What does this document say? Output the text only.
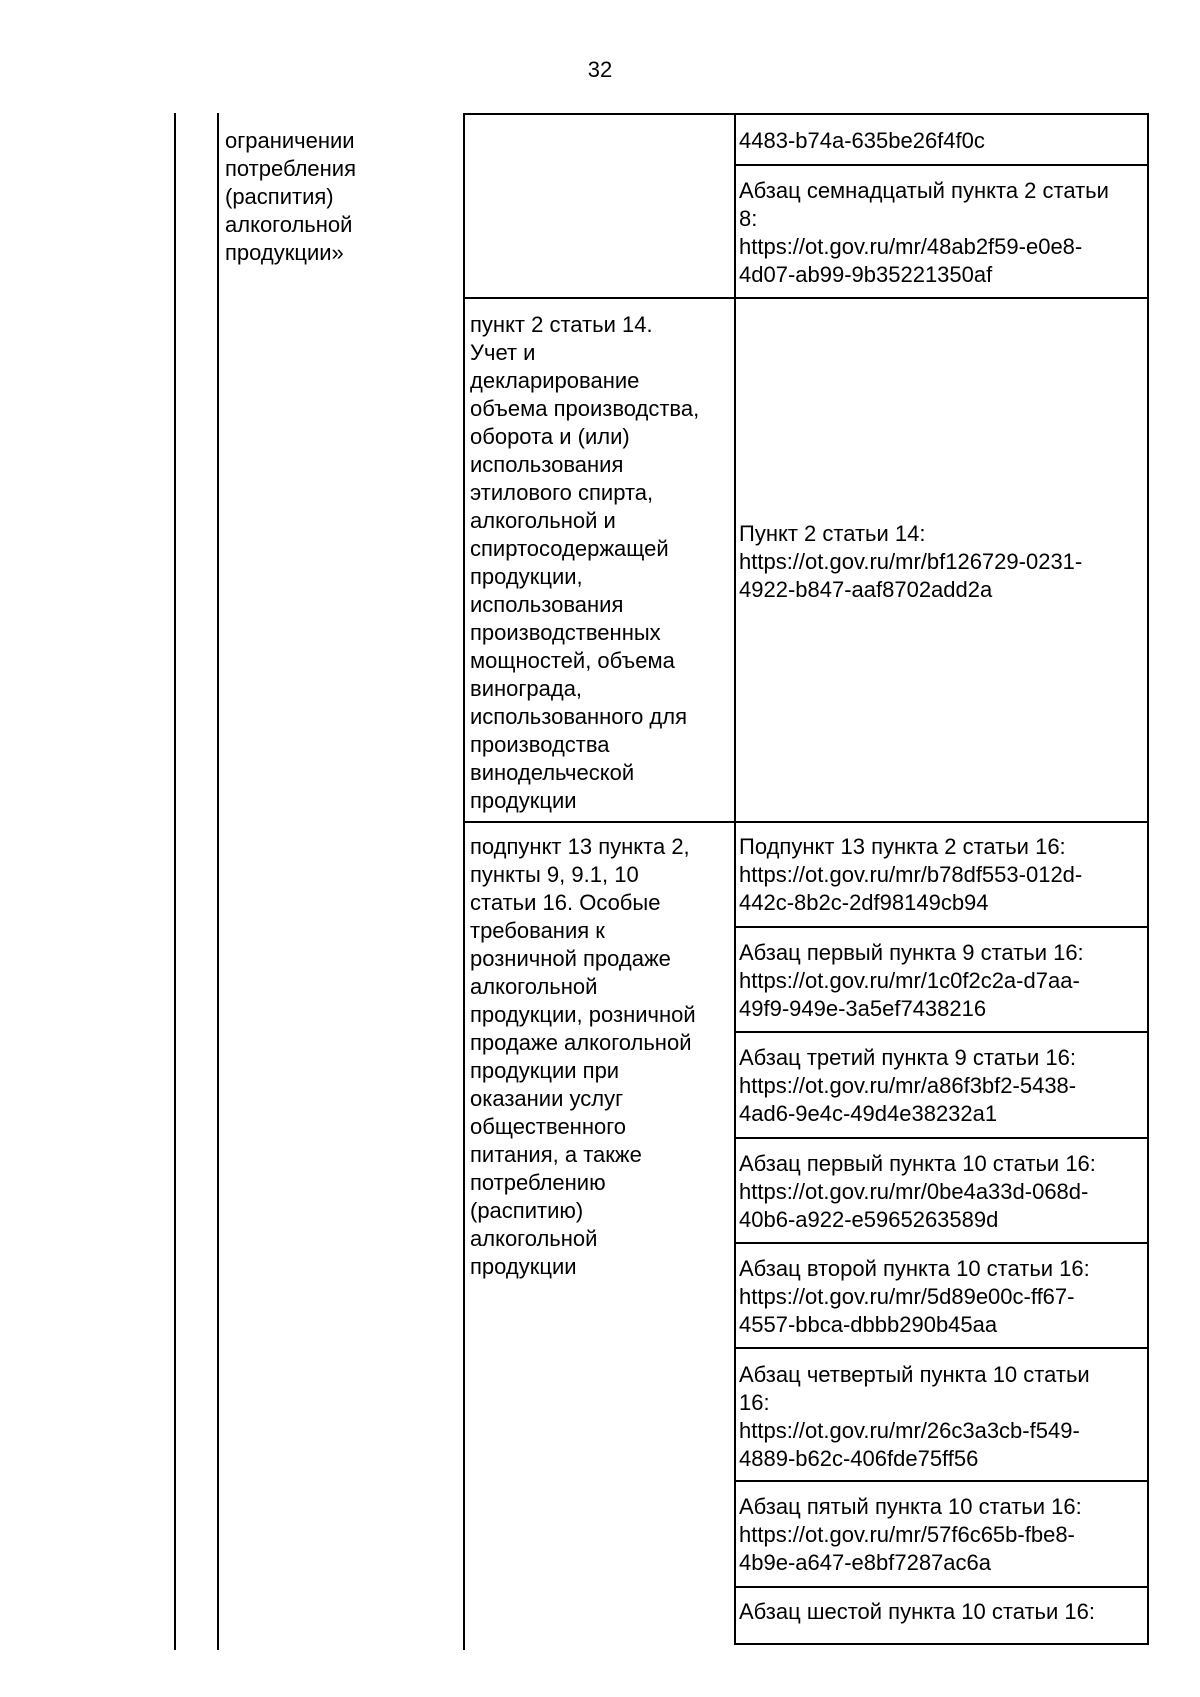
32
ограничении
потребления
(распития)
алкогольной
продукции»
пункт 2 статьи 14.
Учет и
декларирование
объема производства,
оборота и (или)
использования
этилового спирта,
алкогольной и
спиртосодержащей
продукции,
использования
производственных
мощностей, объема
винограда,
использованного для
производства
винодельческой
продукции
подпункт 13 пункта 2,
пункты 9, 9.1, 10
статьи 16. Особые
требования к
розничной продаже
алкогольной
продукции, розничной
продаже алкогольной
продукции при
оказании услуг
общественного
питания, а также
потреблению
(распитию)
алкогольной
продукции
4483-b74a-635be26f4f0c
Абзац семнадцатый пункта 2 статьи
8:
https://ot.gov.ru/mr/48ab2f59-e0e8-
4d07-ab99-9b35221350af
Пункт 2 статьи 14:
https://ot.gov.ru/mr/bf126729-0231-
4922-b847-aaf8702add2a
Подпункт 13 пункта 2 статьи 16:
https://ot.gov.ru/mr/b78df553-012d-
442c-8b2c-2df98149cb94
Абзац первый пункта 9 статьи 16:
https://ot.gov.ru/mr/1c0f2c2a-d7aa-
49f9-949e-3a5ef7438216
Абзац третий пункта 9 статьи 16:
https://ot.gov.ru/mr/a86f3bf2-5438-
4ad6-9e4c-49d4e38232a1
Абзац первый пункта 10 статьи 16:
https://ot.gov.ru/mr/0be4a33d-068d-
40b6-a922-e5965263589d
Абзац второй пункта 10 статьи 16:
https://ot.gov.ru/mr/5d89e00c-ff67-
4557-bbca-dbbb290b45aa
Абзац четвертый пункта 10 статьи
16:
https://ot.gov.ru/mr/26c3a3cb-f549-
4889-b62c-406fde75ff56
Абзац пятый пункта 10 статьи 16:
https://ot.gov.ru/mr/57f6c65b-fbe8-
4b9e-a647-e8bf7287ac6a
Абзац шестой пункта 10 статьи 16:
